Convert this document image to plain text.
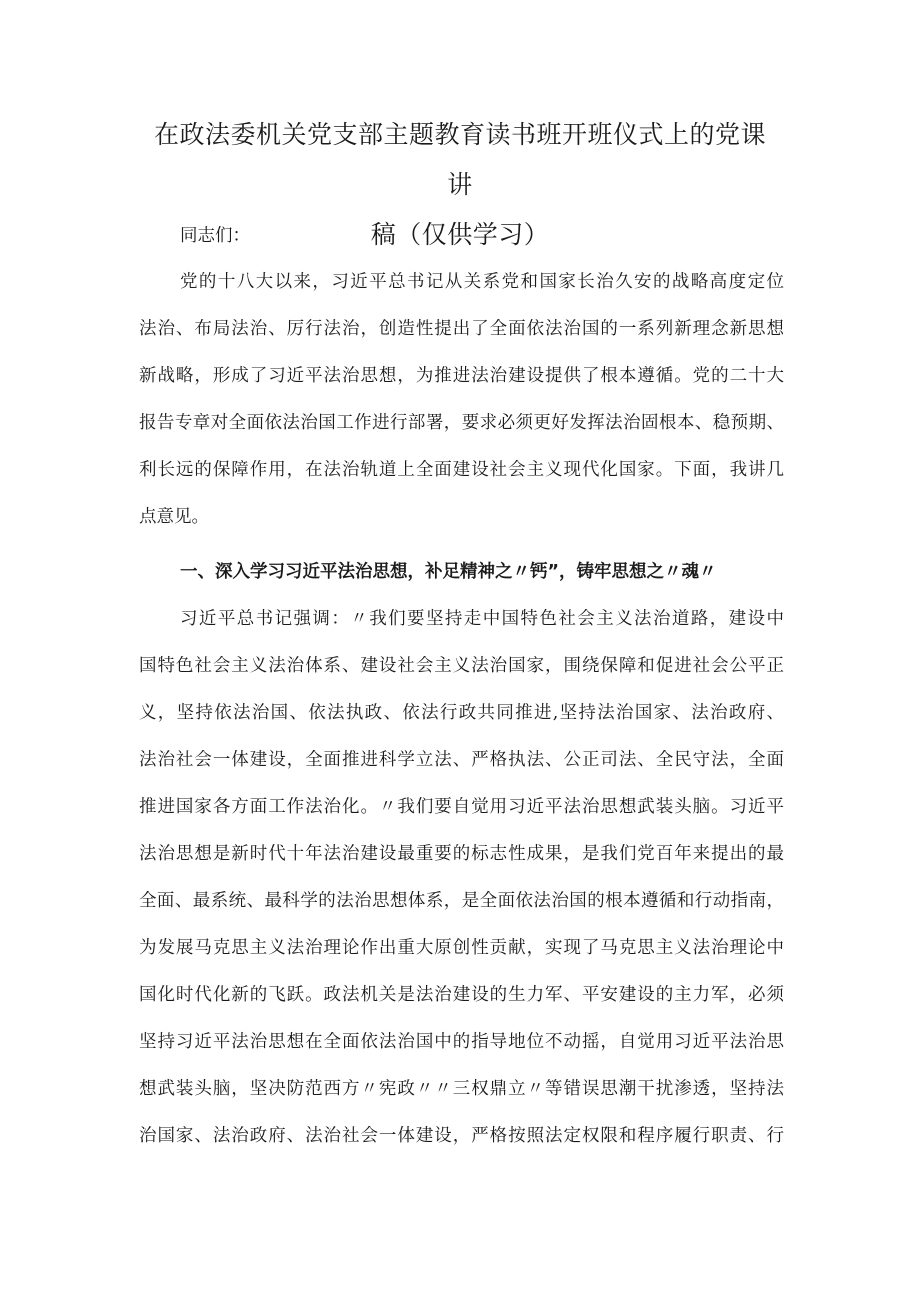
在政法委机关党支部主题教育读书班开班仪式上的党课讲
稿（仅供学习）

同志们：

党的十八大以来，习近平总书记从关系党和国家长治久安的战略高度定位

法治、布局法治、厉行法治，创造性提出了全面依法治国的一系列新理念新思想

新战略，形成了习近平法治思想，为推进法治建设提供了根本遵循。党的二十大

报告专章对全面依法治国工作进行部署，要求必须更好发挥法治固根本、稳预期、

利长远的保障作用，在法治轨道上全面建设社会主义现代化国家。下面，我讲几

点意见。

一、深入学习习近平法治思想，补足精神之〃钙”，铸牢思想之〃魂〃

习近平总书记强调：〃我们要坚持走中国特色社会主义法治道路，建设中

国特色社会主义法治体系、建设社会主义法治国家，围绕保障和促进社会公平正

义，坚持依法治国、依法执政、依法行政共同推进,坚持法治国家、法治政府、

法治社会一体建设，全面推进科学立法、严格执法、公正司法、全民守法，全面

推进国家各方面工作法治化。〃我们要自觉用习近平法治思想武装头脑。习近平

法治思想是新时代十年法治建设最重要的标志性成果，是我们党百年来提出的最

全面、最系统、最科学的法治思想体系，是全面依法治国的根本遵循和行动指南，

为发展马克思主义法治理论作出重大原创性贡献，实现了马克思主义法治理论中

国化时代化新的飞跃。政法机关是法治建设的生力军、平安建设的主力军，必须

坚持习近平法治思想在全面依法治国中的指导地位不动摇，自觉用习近平法治思

想武装头脑，坚决防范西方〃宪政〃〃三权鼎立〃等错误思潮干扰渗透，坚持法

治国家、法治政府、法治社会一体建设，严格按照法定权限和程序履行职责、行
